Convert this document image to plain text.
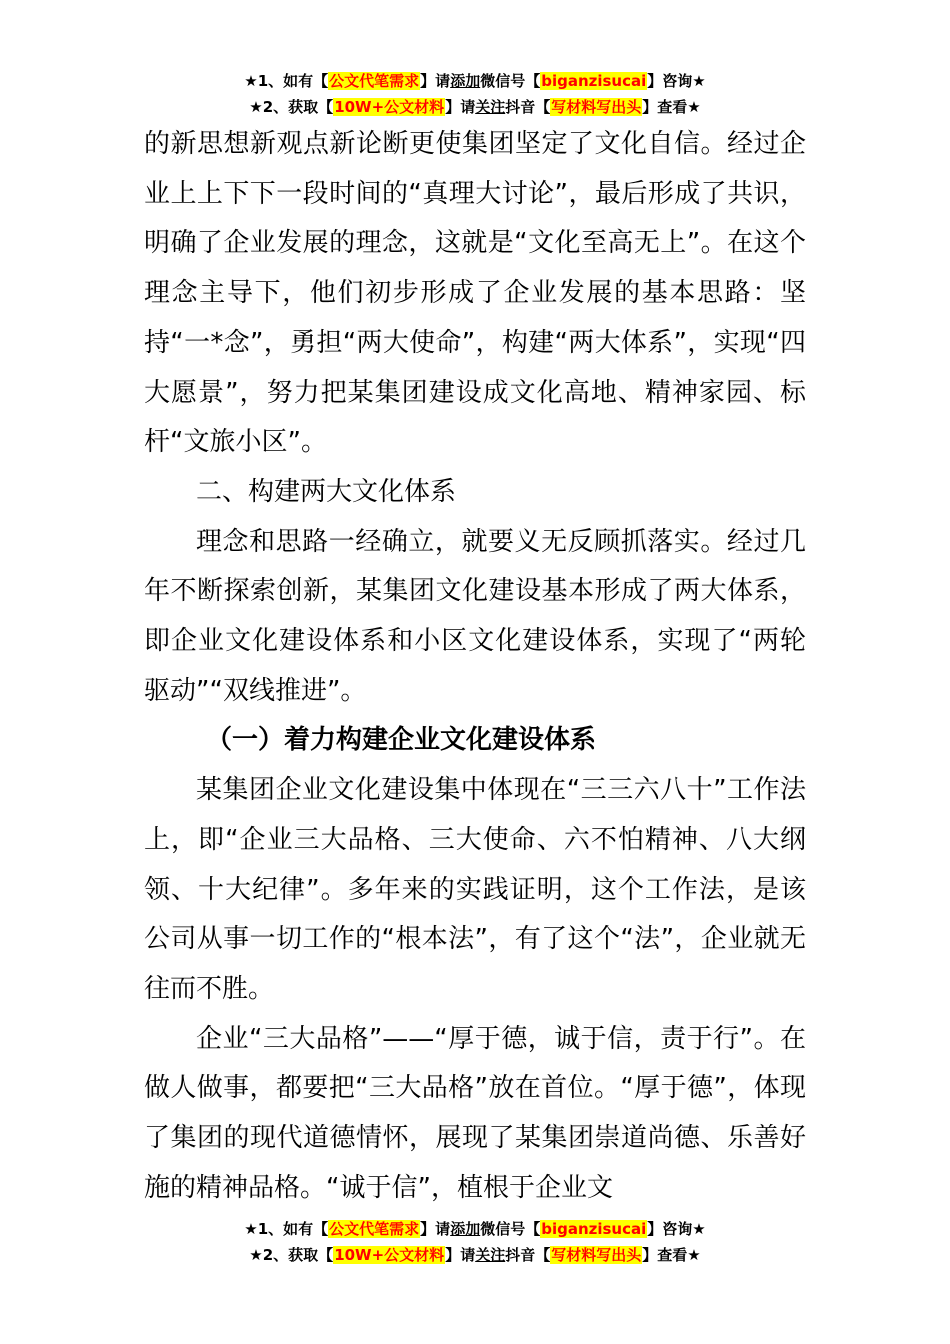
★1、如有【公文代笔需求】请添加微信号【biganzisucai】咨询★
★2、获取【10W+公文材料】请关注抖音【写材料写出头】查看★

的新思想新观点新论断更使集团坚定了文化自信。经过企业上上下下一段时间的“真理大讨论”，最后形成了共识，明确了企业发展的理念，这就是“文化至高无上”。在这个理念主导下，他们初步形成了企业发展的基本思路：坚持“一*念”，勇担“两大使命”，构建“两大体系”，实现“四大愿景”，努力把某集团建设成文化高地、精神家园、标杆“文旅小区”。

二、构建两大文化体系

理念和思路一经确立，就要义无反顾抓落实。经过几年不断探索创新，某集团文化建设基本形成了两大体系，即企业文化建设体系和小区文化建设体系，实现了“两轮驱动”“双线推进”。

（一）着力构建企业文化建设体系

某集团企业文化建设集中体现在“三三六八十”工作法上，即“企业三大品格、三大使命、六不怕精神、八大纲领、十大纪律”。多年来的实践证明，这个工作法，是该公司从事一切工作的“根本法”，有了这个“法”，企业就无往而不胜。

企业“三大品格”——“厚于德，诚于信，责于行”。在做人做事，都要把“三大品格”放在首位。“厚于德”，体现了集团的现代道德情怀，展现了某集团崇道尚德、乐善好施的精神品格。“诚于信”，植根于企业文

★1、如有【公文代笔需求】请添加微信号【biganzisucai】咨询★
★2、获取【10W+公文材料】请关注抖音【写材料写出头】查看★
